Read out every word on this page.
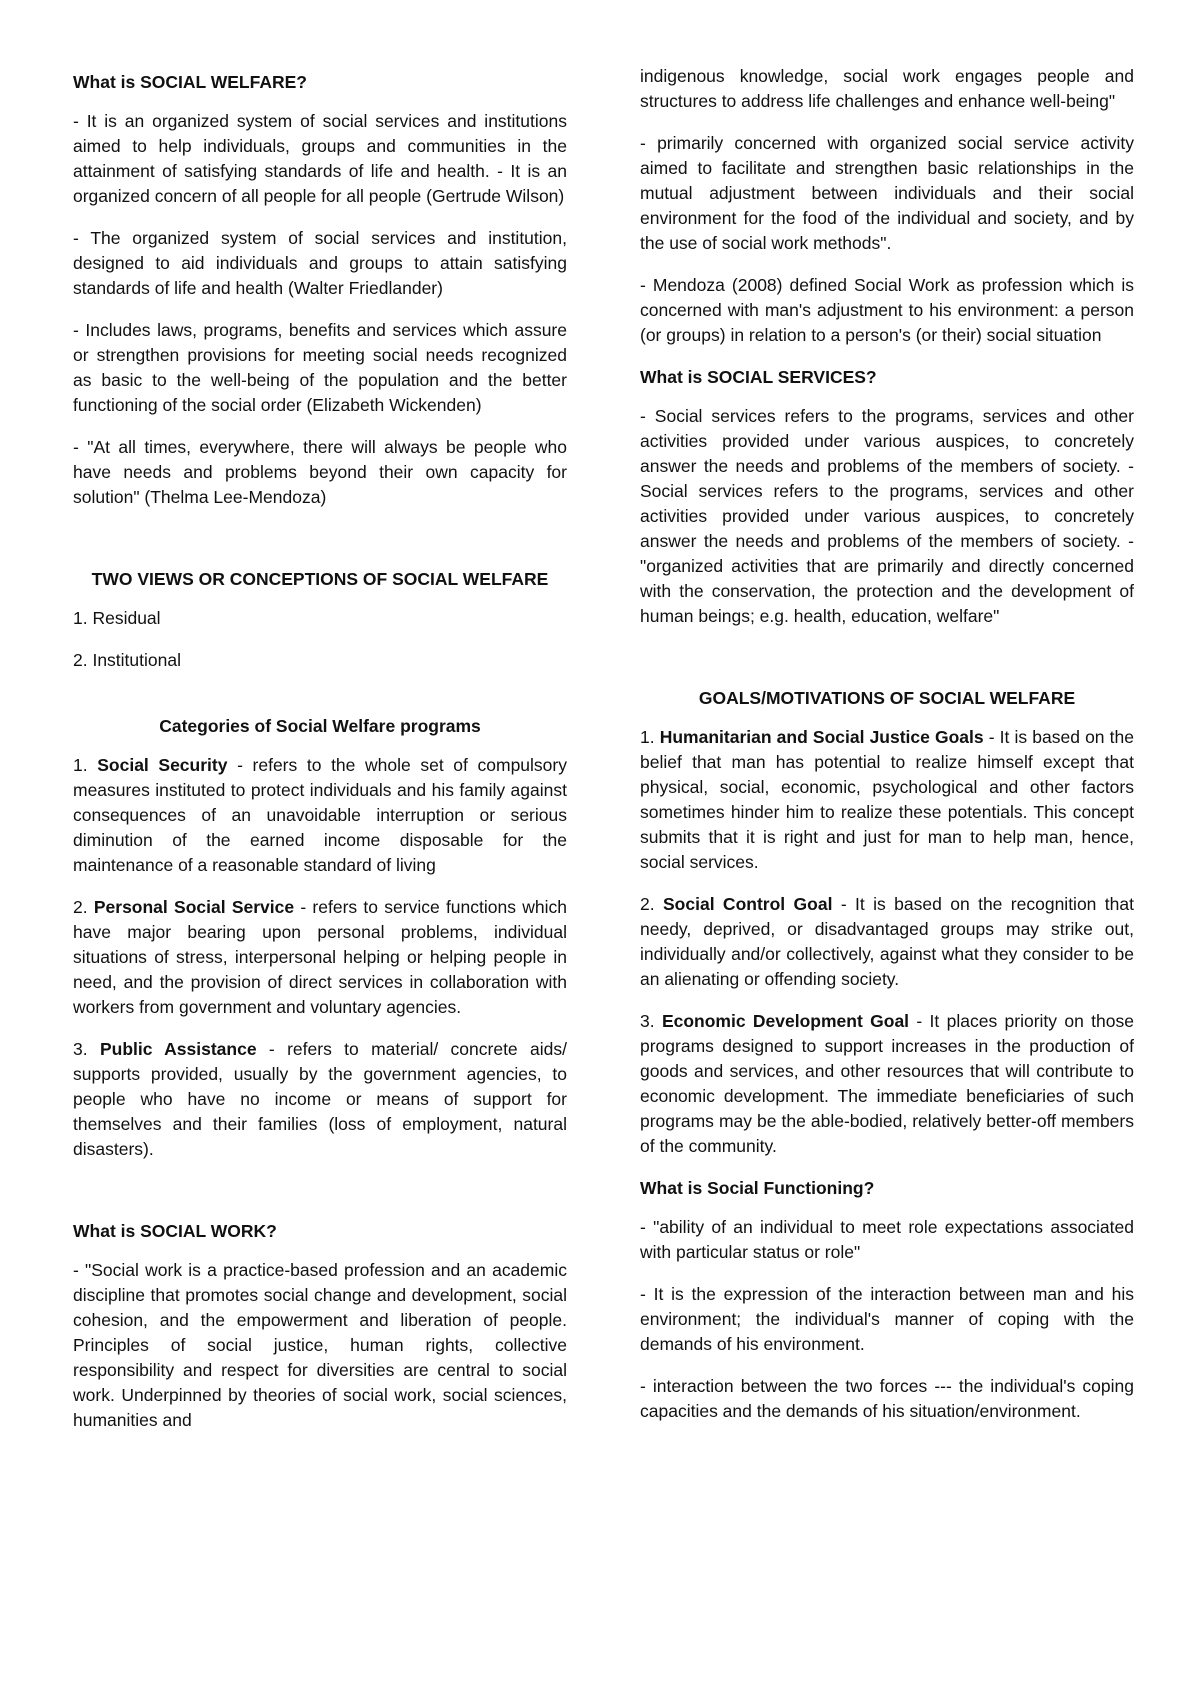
What is SOCIAL WELFARE?

- It is an organized system of social services and institutions aimed to help individuals, groups and communities in the attainment of satisfying standards of life and health. - It is an organized concern of all people for all people (Gertrude Wilson)

- The organized system of social services and institution, designed to aid individuals and groups to attain satisfying standards of life and health (Walter Friedlander)

- Includes laws, programs, benefits and services which assure or strengthen provisions for meeting social needs recognized as basic to the well-being of the population and the better functioning of the social order (Elizabeth Wickenden)

- "At all times, everywhere, there will always be people who have needs and problems beyond their own capacity for solution" (Thelma Lee-Mendoza)

TWO VIEWS OR CONCEPTIONS OF SOCIAL WELFARE

1. Residual

2. Institutional

Categories of Social Welfare programs

1. Social Security - refers to the whole set of compulsory measures instituted to protect individuals and his family against consequences of an unavoidable interruption or serious diminution of the earned income disposable for the maintenance of a reasonable standard of living

2. Personal Social Service - refers to service functions which have major bearing upon personal problems, individual situations of stress, interpersonal helping or helping people in need, and the provision of direct services in collaboration with workers from government and voluntary agencies.

3. Public Assistance - refers to material/ concrete aids/ supports provided, usually by the government agencies, to people who have no income or means of support for themselves and their families (loss of employment, natural disasters).

What is SOCIAL WORK?

- "Social work is a practice-based profession and an academic discipline that promotes social change and development, social cohesion, and the empowerment and liberation of people. Principles of social justice, human rights, collective responsibility and respect for diversities are central to social work. Underpinned by theories of social work, social sciences, humanities and

indigenous knowledge, social work engages people and structures to address life challenges and enhance well-being"

- primarily concerned with organized social service activity aimed to facilitate and strengthen basic relationships in the mutual adjustment between individuals and their social environment for the food of the individual and society, and by the use of social work methods".

- Mendoza (2008) defined Social Work as profession which is concerned with man's adjustment to his environment: a person (or groups) in relation to a person's (or their) social situation

What is SOCIAL SERVICES?

- Social services refers to the programs, services and other activities provided under various auspices, to concretely answer the needs and problems of the members of society. - Social services refers to the programs, services and other activities provided under various auspices, to concretely answer the needs and problems of the members of society. - "organized activities that are primarily and directly concerned with the conservation, the protection and the development of human beings; e.g. health, education, welfare"

GOALS/MOTIVATIONS OF SOCIAL WELFARE

1. Humanitarian and Social Justice Goals - It is based on the belief that man has potential to realize himself except that physical, social, economic, psychological and other factors sometimes hinder him to realize these potentials. This concept submits that it is right and just for man to help man, hence, social services.

2. Social Control Goal - It is based on the recognition that needy, deprived, or disadvantaged groups may strike out, individually and/or collectively, against what they consider to be an alienating or offending society.

3. Economic Development Goal - It places priority on those programs designed to support increases in the production of goods and services, and other resources that will contribute to economic development. The immediate beneficiaries of such programs may be the able-bodied, relatively better-off members of the community.

What is Social Functioning?

- "ability of an individual to meet role expectations associated with particular status or role"

- It is the expression of the interaction between man and his environment; the individual's manner of coping with the demands of his environment.

- interaction between the two forces --- the individual's coping capacities and the demands of his situation/environment.
